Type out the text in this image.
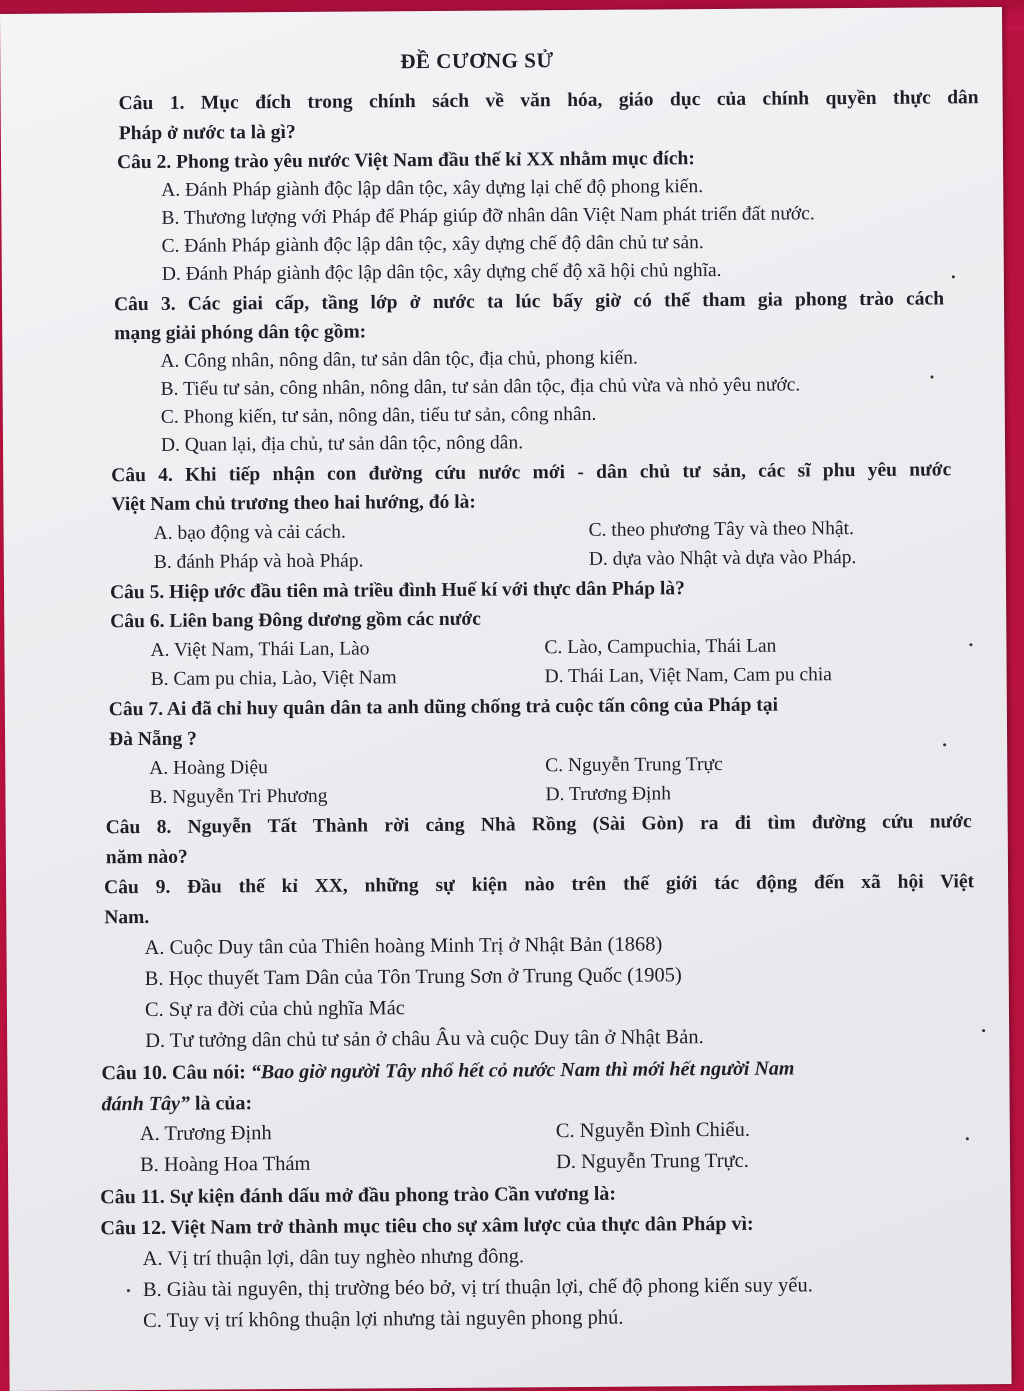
ĐỀ CƯƠNG SỬ
Câu 1. Mục đích trong chính sách về văn hóa, giáo dục của chính quyền thực dân
Pháp ở nước ta là gì?
Câu 2. Phong trào yêu nước Việt Nam đầu thế kỉ XX nhằm mục đích:
A. Đánh Pháp giành độc lập dân tộc, xây dựng lại chế độ phong kiến.
B. Thương lượng với Pháp để Pháp giúp đỡ nhân dân Việt Nam phát triển đất nước.
C. Đánh Pháp giành độc lập dân tộc, xây dựng chế độ dân chủ tư sản.
D. Đánh Pháp giành độc lập dân tộc, xây dựng chế độ xã hội chủ nghĩa.
Câu 3. Các giai cấp, tầng lớp ở nước ta lúc bấy giờ có thể tham gia phong trào cách
mạng giải phóng dân tộc gồm:
A. Công nhân, nông dân, tư sản dân tộc, địa chủ, phong kiến.
B. Tiểu tư sản, công nhân, nông dân, tư sản dân tộc, địa chủ vừa và nhỏ yêu nước.
C. Phong kiến, tư sản, nông dân, tiểu tư sản, công nhân.
D. Quan lại, địa chủ, tư sản dân tộc, nông dân.
Câu 4. Khi tiếp nhận con đường cứu nước mới - dân chủ tư sản, các sĩ phu yêu nước
Việt Nam chủ trương theo hai hướng, đó là:
A. bạo động và cải cách.	C. theo phương Tây và theo Nhật.
B. đánh Pháp và hoà Pháp.	D. dựa vào Nhật và dựa vào Pháp.
Câu 5. Hiệp ước đầu tiên mà triều đình Huế kí với thực dân Pháp là?
Câu 6. Liên bang Đông dương gồm các nước
A. Việt Nam, Thái Lan, Lào	C. Lào, Campuchia, Thái Lan
B. Cam pu chia, Lào, Việt Nam	D. Thái Lan, Việt Nam, Cam pu chia
Câu 7. Ai đã chỉ huy quân dân ta anh dũng chống trả cuộc tấn công của Pháp tại
Đà Nẵng ?
A. Hoàng Diệu	C. Nguyễn Trung Trực
B. Nguyễn Tri Phương	D. Trương Định
Câu 8. Nguyễn Tất Thành rời cảng Nhà Rồng (Sài Gòn) ra đi tìm đường cứu nước
năm nào?
Câu 9. Đầu thế kỉ XX, những sự kiện nào trên thế giới tác động đến xã hội Việt
Nam.
A. Cuộc Duy tân của Thiên hoàng Minh Trị ở Nhật Bản (1868)
B. Học thuyết Tam Dân của Tôn Trung Sơn ở Trung Quốc (1905)
C. Sự ra đời của chủ nghĩa Mác
D. Tư tưởng dân chủ tư sản ở châu Âu và cuộc Duy tân ở Nhật Bản.
Câu 10. Câu nói: “Bao giờ người Tây nhổ hết cỏ nước Nam thì mới hết người Nam
đánh Tây” là của:
A. Trương Định	C. Nguyễn Đình Chiểu.
B. Hoàng Hoa Thám	D. Nguyễn Trung Trực.
Câu 11. Sự kiện đánh dấu mở đầu phong trào Cần vương là:
Câu 12. Việt Nam trở thành mục tiêu cho sự xâm lược của thực dân Pháp vì:
A. Vị trí thuận lợi, dân tuy nghèo nhưng đông.
B. Giàu tài nguyên, thị trường béo bở, vị trí thuận lợi, chế độ phong kiến suy yếu.
C. Tuy vị trí không thuận lợi nhưng tài nguyên phong phú.
